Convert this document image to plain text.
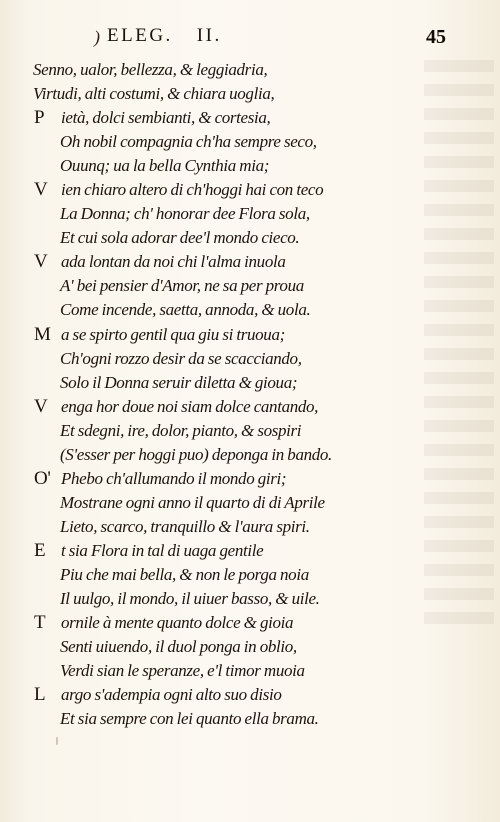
) ELEG. II.	45
Senno, ualor, bellezza, & leggiadria,
Virtudi, alti costumi, & chiara uoglia,
P ietà, dolci sembianti, & cortesia,
Oh nobil compagnia ch'ha sempre seco,
Ouunq; ua la bella Cynthia mia;
V ien chiaro altero di ch'hoggi hai con teco
La Donna; ch' honorar dee Flora sola,
Et cui sola adorar dee'l mondo cieco.
V ada lontan da noi chi l'alma inuola
A' bei pensier d'Amor, ne sa per proua
Come incende, saetta, annoda, & uola.
M a se spirto gentil qua giu si truoua;
Ch'ogni rozzo desir da se scacciando,
Solo il Donna seruir diletta & gioua;
V enga hor doue noi siam dolce cantando,
Et sdegni, ire, dolor, pianto, & sospiri
(S'esser per hoggi puo) deponga in bando.
O' Phebo ch'allumando il mondo giri;
Mostrane ogni anno il quarto di di Aprile
Lieto, scarco, tranquillo & l'aura spiri.
E t sia Flora in tal di uaga gentile
Piu che mai bella, & non le porga noia
Il uulgo, il mondo, il uiuer basso, & uile.
T ornile à mente quanto dolce & gioia
Senti uiuendo, il duol ponga in oblio,
Verdi sian le speranze, e'l timor muoia
L argo s'adempia ogni alto suo disio
Et sia sempre con lei quanto ella brama.
